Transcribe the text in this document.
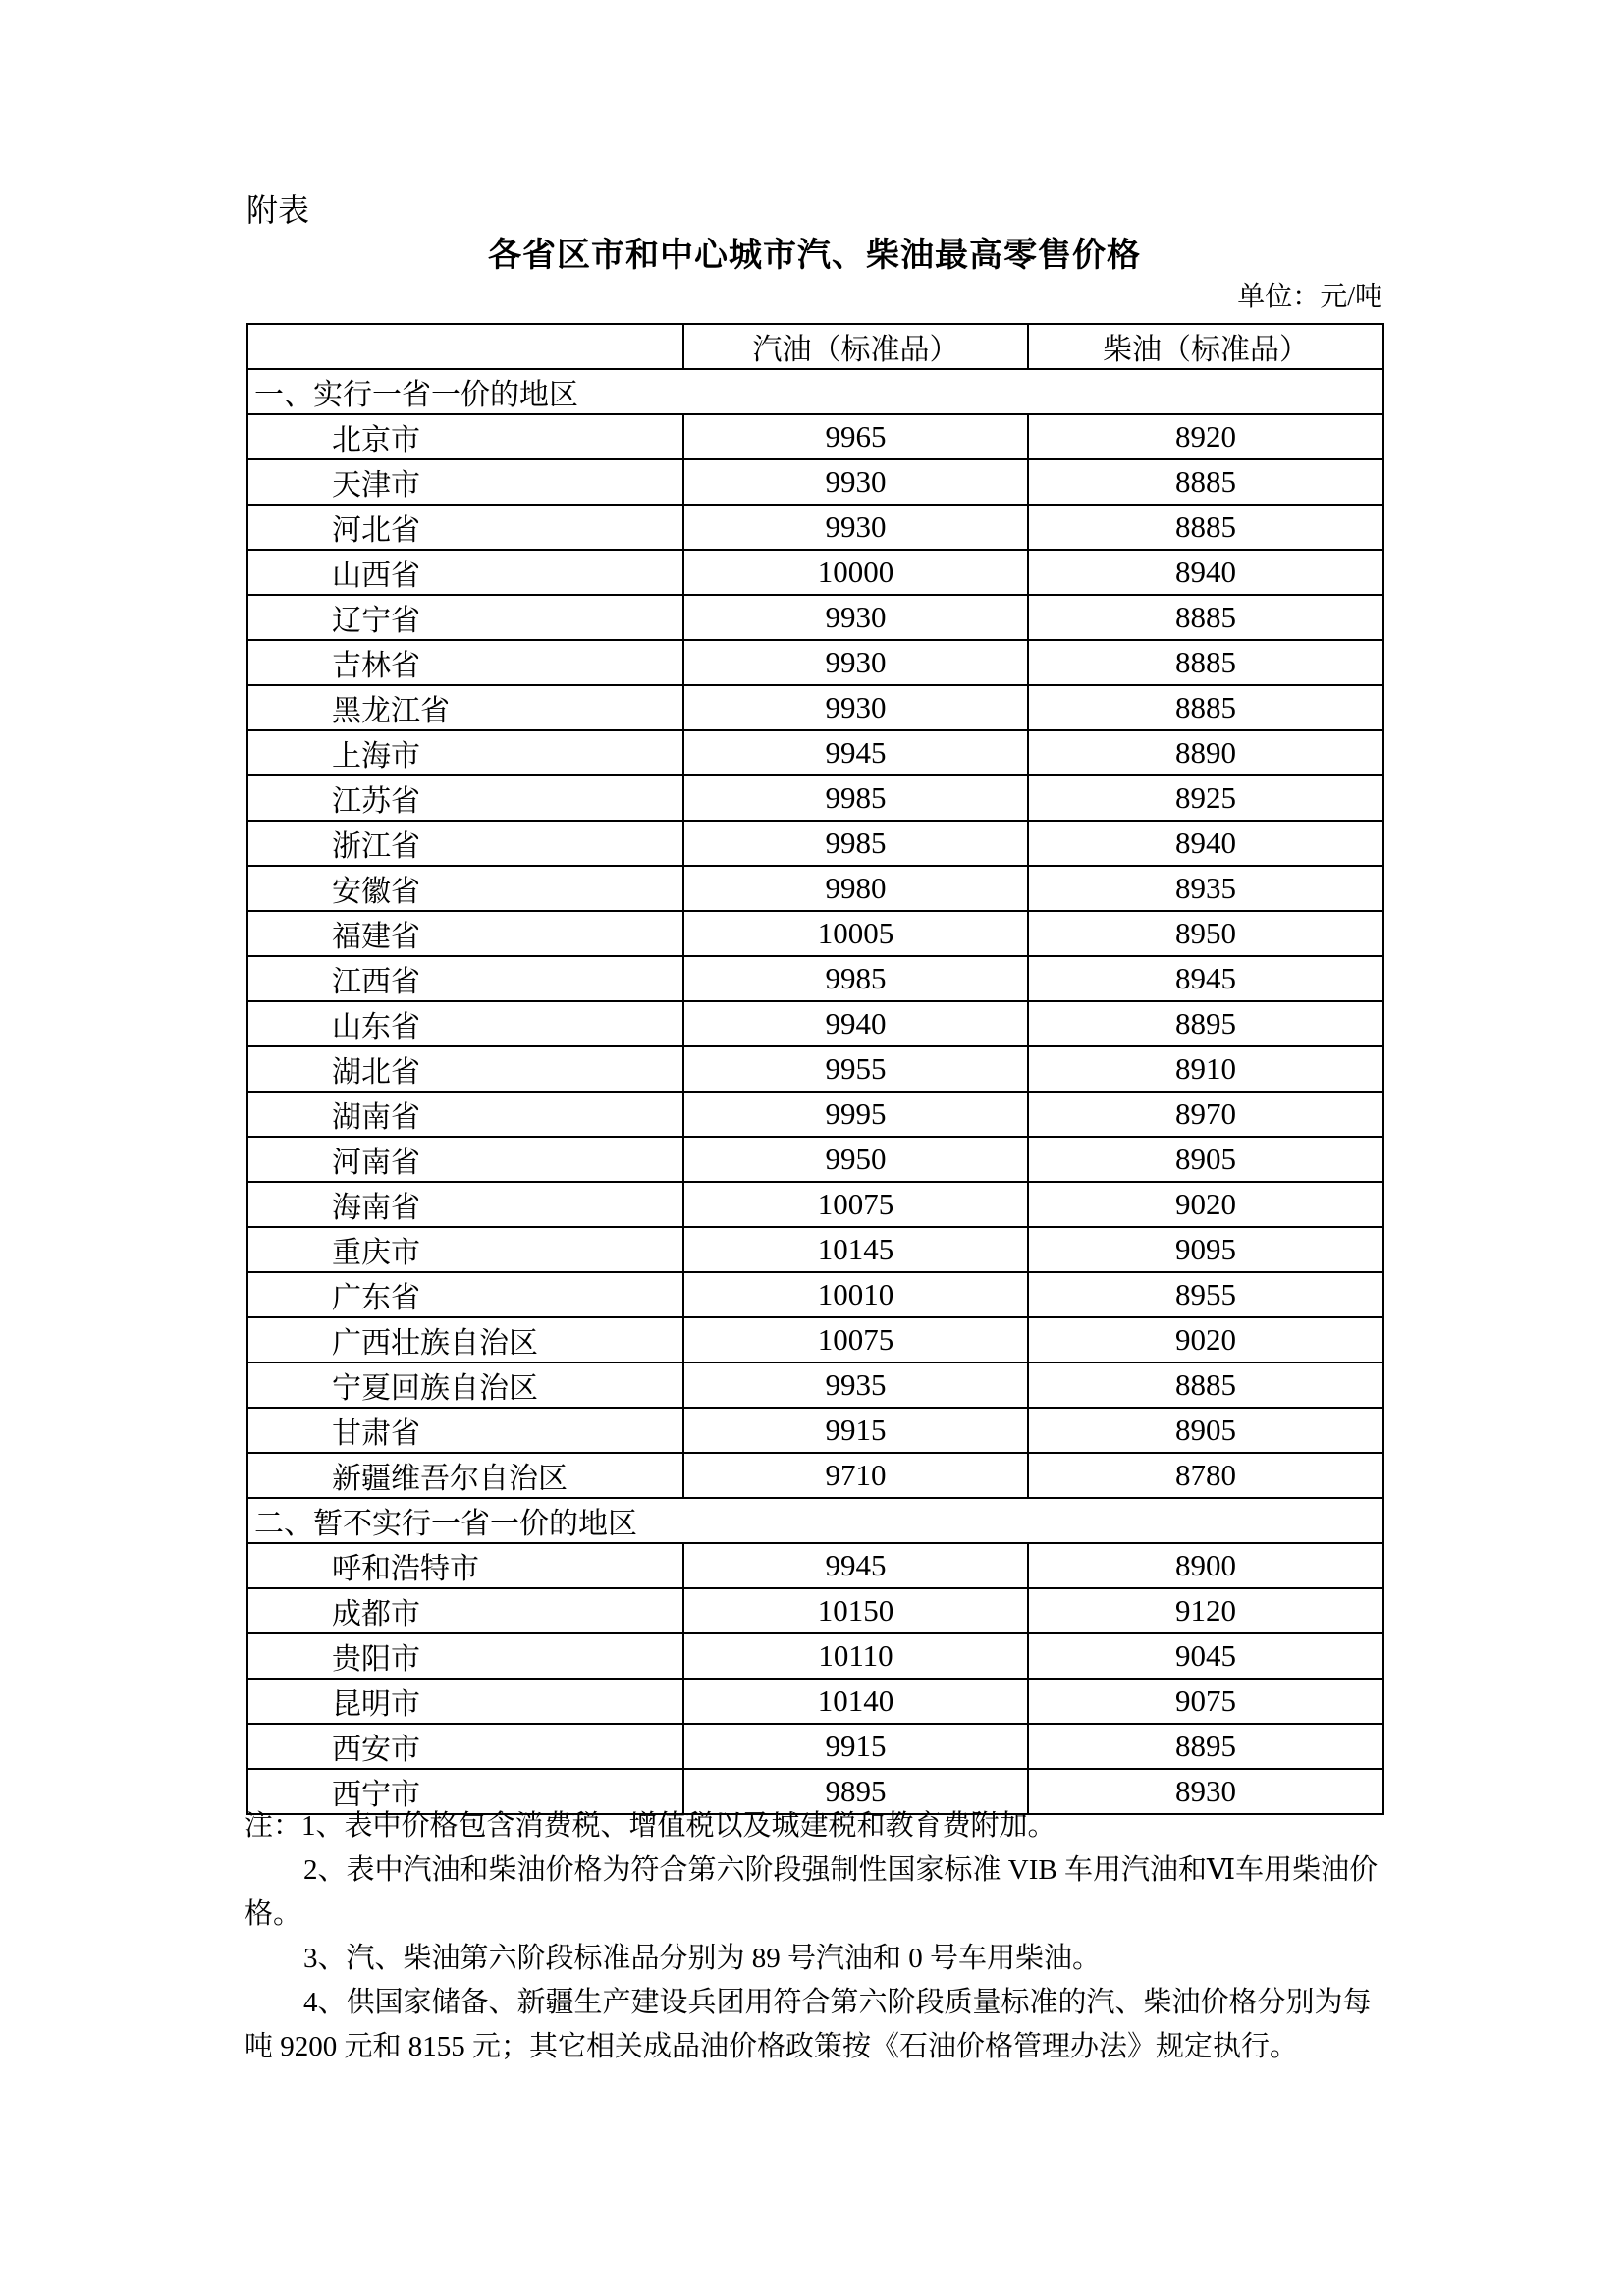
附表
各省区市和中心城市汽、柴油最高零售价格
单位：元/吨
	汽油（标准品）	柴油（标准品）
一、实行一省一价的地区		
北京市	9965	8920
天津市	9930	8885
河北省	9930	8885
山西省	10000	8940
辽宁省	9930	8885
吉林省	9930	8885
黑龙江省	9930	8885
上海市	9945	8890
江苏省	9985	8925
浙江省	9985	8940
安徽省	9980	8935
福建省	10005	8950
江西省	9985	8945
山东省	9940	8895
湖北省	9955	8910
湖南省	9995	8970
河南省	9950	8905
海南省	10075	9020
重庆市	10145	9095
广东省	10010	8955
广西壮族自治区	10075	9020
宁夏回族自治区	9935	8885
甘肃省	9915	8905
新疆维吾尔自治区	9710	8780
二、暂不实行一省一价的地区		
呼和浩特市	9945	8900
成都市	10150	9120
贵阳市	10110	9045
昆明市	10140	9075
西安市	9915	8895
西宁市	9895	8930
注：1、表中价格包含消费税、增值税以及城建税和教育费附加。
2、表中汽油和柴油价格为符合第六阶段强制性国家标准 VIB 车用汽油和Ⅵ车用柴油价
格。
3、汽、柴油第六阶段标准品分别为 89 号汽油和 0 号车用柴油。
4、供国家储备、新疆生产建设兵团用符合第六阶段质量标准的汽、柴油价格分别为每
吨 9200 元和 8155 元；其它相关成品油价格政策按《石油价格管理办法》规定执行。
